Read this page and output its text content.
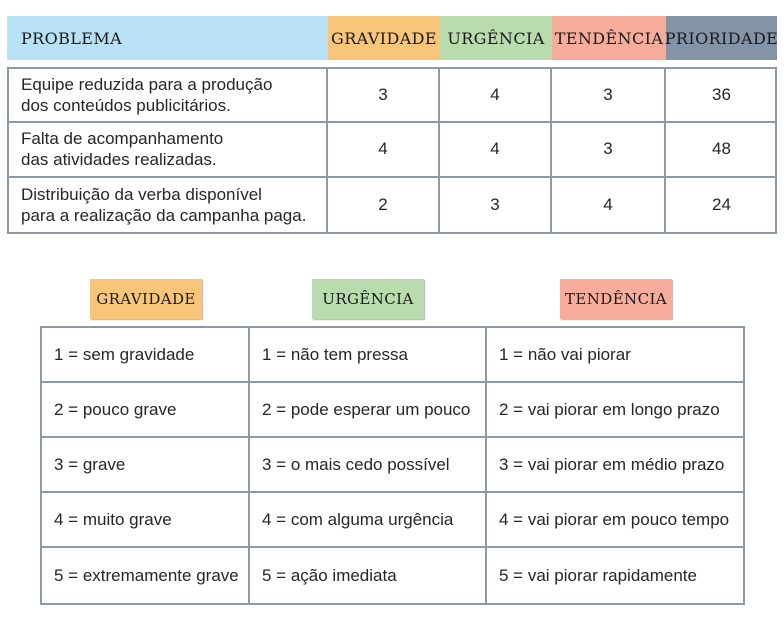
PROBLEMA	GRAVIDADE URGÊNCIA TENDÊNCIA PRIORIDADE
Equipe reduzida para a produção
dos conteúdos publicitários.
3	4	3	36
Falta de acompanhamento
das atividades realizadas.
4	4	3	48
Distribuição da verba disponível
para a realização da campanha paga.
2	3	4	24
GRAVIDADE	URGÊNCIA	TENDÊNCIA
1 = sem gravidade	1 = não tem pressa	1 = não vai piorar
2 = pouco grave	2 = pode esperar um pouco	2 = vai piorar em longo prazo
3 = grave	3 = o mais cedo possível	3 = vai piorar em médio prazo
4 = muito grave	4 = com alguma urgência	4 = vai piorar em pouco tempo
5 = extremamente grave	5 = ação imediata	5 = vai piorar rapidamente
